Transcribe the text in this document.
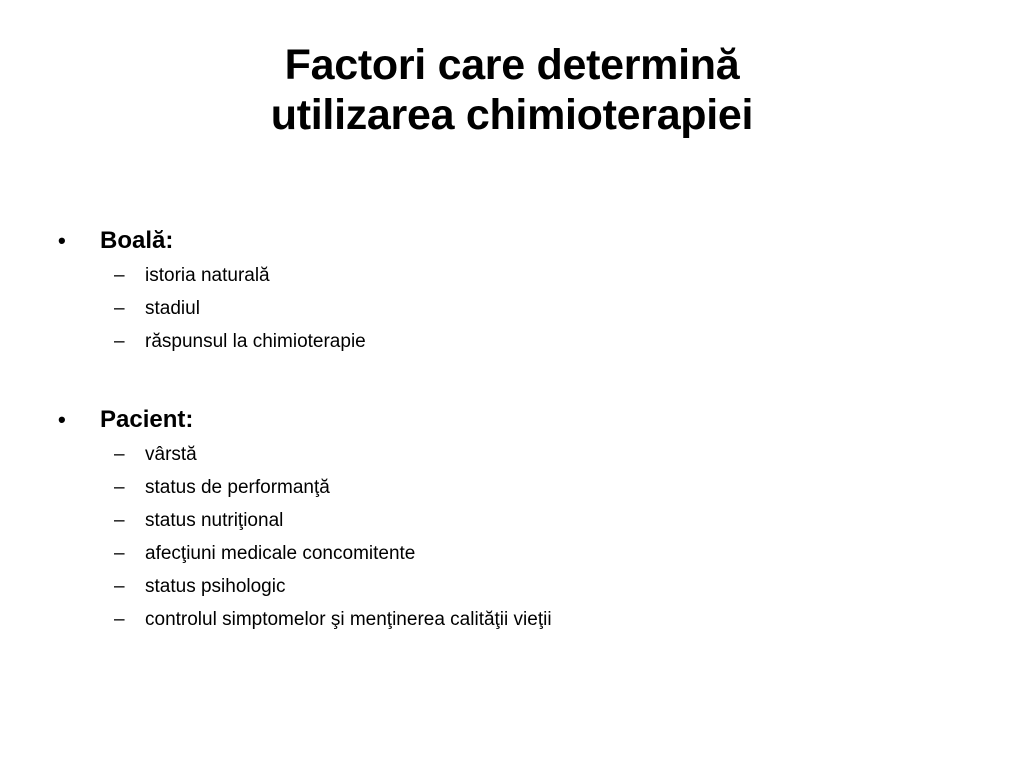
Factori care determină
utilizarea chimioterapiei
• Boală:
– istoria naturală
– stadiul
– răspunsul la chimioterapie
• Pacient:
– vârstă
– status de performanţă
– status nutriţional
– afecţiuni medicale concomitente
– status psihologic
– controlul simptomelor şi menţinerea calităţii vieţii
